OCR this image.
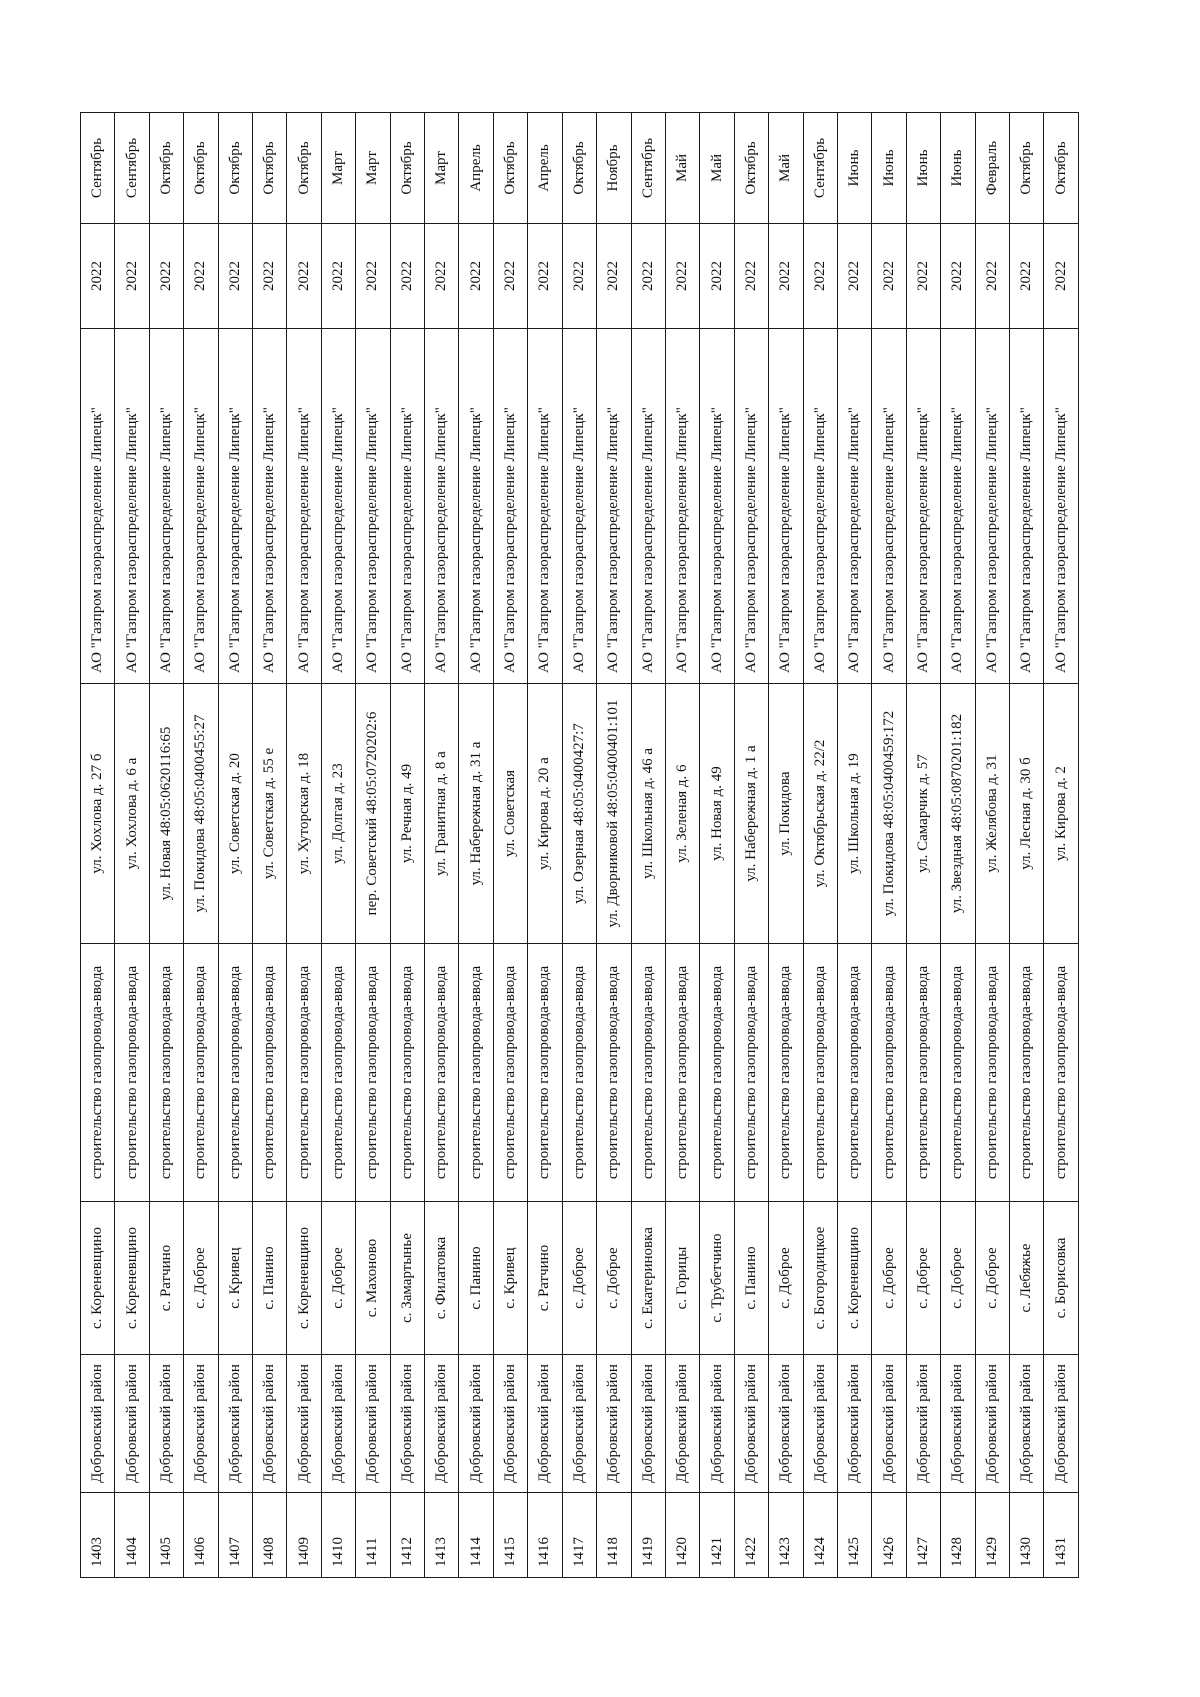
1403	Добровский район	с. Кореневщино	строительство газопровода-ввода	ул. Хохлова д. 27 б	АО "Газпром газораспределение Липецк"	2022	Сентябрь
1404	Добровский район	с. Кореневщино	строительство газопровода-ввода	ул. Хохлова д. 6 а	АО "Газпром газораспределение Липецк"	2022	Сентябрь
1405	Добровский район	с. Ратчино	строительство газопровода-ввода	ул. Новая 48:05:0620116:65	АО "Газпром газораспределение Липецк"	2022	Октябрь
1406	Добровский район	с. Доброе	строительство газопровода-ввода	ул. Покидова 48:05:0400455:27	АО "Газпром газораспределение Липецк"	2022	Октябрь
1407	Добровский район	с. Кривец	строительство газопровода-ввода	ул. Советская д. 20	АО "Газпром газораспределение Липецк"	2022	Октябрь
1408	Добровский район	с. Панино	строительство газопровода-ввода	ул. Советская д. 55 е	АО "Газпром газораспределение Липецк"	2022	Октябрь
1409	Добровский район	с. Кореневщино	строительство газопровода-ввода	ул. Хуторская д. 18	АО "Газпром газораспределение Липецк"	2022	Октябрь
1410	Добровский район	с. Доброе	строительство газопровода-ввода	ул. Долгая д. 23	АО "Газпром газораспределение Липецк"	2022	Март
1411	Добровский район	с. Махоново	строительство газопровода-ввода	пер. Советский 48:05:0720202:6	АО "Газпром газораспределение Липецк"	2022	Март
1412	Добровский район	с. Замартынье	строительство газопровода-ввода	ул. Речная д. 49	АО "Газпром газораспределение Липецк"	2022	Октябрь
1413	Добровский район	с. Филатовка	строительство газопровода-ввода	ул. Гранитная д. 8 а	АО "Газпром газораспределение Липецк"	2022	Март
1414	Добровский район	с. Панино	строительство газопровода-ввода	ул. Набережная д. 31 а	АО "Газпром газораспределение Липецк"	2022	Апрель
1415	Добровский район	с. Кривец	строительство газопровода-ввода	ул. Советская	АО "Газпром газораспределение Липецк"	2022	Октябрь
1416	Добровский район	с. Ратчино	строительство газопровода-ввода	ул. Кирова д. 20 а	АО "Газпром газораспределение Липецк"	2022	Апрель
1417	Добровский район	с. Доброе	строительство газопровода-ввода	ул. Озерная 48:05:0400427:7	АО "Газпром газораспределение Липецк"	2022	Октябрь
1418	Добровский район	с. Доброе	строительство газопровода-ввода	ул. Дворниковой 48:05:0400401:101	АО "Газпром газораспределение Липецк"	2022	Ноябрь
1419	Добровский район	с. Екатериновка	строительство газопровода-ввода	ул. Школьная д. 46 а	АО "Газпром газораспределение Липецк"	2022	Сентябрь
1420	Добровский район	с. Горицы	строительство газопровода-ввода	ул. Зеленая д. 6	АО "Газпром газораспределение Липецк"	2022	Май
1421	Добровский район	с. Трубетчино	строительство газопровода-ввода	ул. Новая д. 49	АО "Газпром газораспределение Липецк"	2022	Май
1422	Добровский район	с. Панино	строительство газопровода-ввода	ул. Набережная д. 1 а	АО "Газпром газораспределение Липецк"	2022	Октябрь
1423	Добровский район	с. Доброе	строительство газопровода-ввода	ул. Покидова	АО "Газпром газораспределение Липецк"	2022	Май
1424	Добровский район	с. Богородицкое	строительство газопровода-ввода	ул. Октябрьская д. 22/2	АО "Газпром газораспределение Липецк"	2022	Сентябрь
1425	Добровский район	с. Кореневщино	строительство газопровода-ввода	ул. Школьная д. 19	АО "Газпром газораспределение Липецк"	2022	Июнь
1426	Добровский район	с. Доброе	строительство газопровода-ввода	ул. Покидова 48:05:0400459:172	АО "Газпром газораспределение Липецк"	2022	Июнь
1427	Добровский район	с. Доброе	строительство газопровода-ввода	ул. Самарчик д. 57	АО "Газпром газораспределение Липецк"	2022	Июнь
1428	Добровский район	с. Доброе	строительство газопровода-ввода	ул. Звездная 48:05:0870201:182	АО "Газпром газораспределение Липецк"	2022	Июнь
1429	Добровский район	с. Доброе	строительство газопровода-ввода	ул. Желябова д. 31	АО "Газпром газораспределение Липецк"	2022	Февраль
1430	Добровский район	с. Лебяжье	строительство газопровода-ввода	ул. Лесная д. 30 б	АО "Газпром газораспределение Липецк"	2022	Октябрь
1431	Добровский район	с. Борисовка	строительство газопровода-ввода	ул. Кирова д. 2	АО "Газпром газораспределение Липецк"	2022	Октябрь
